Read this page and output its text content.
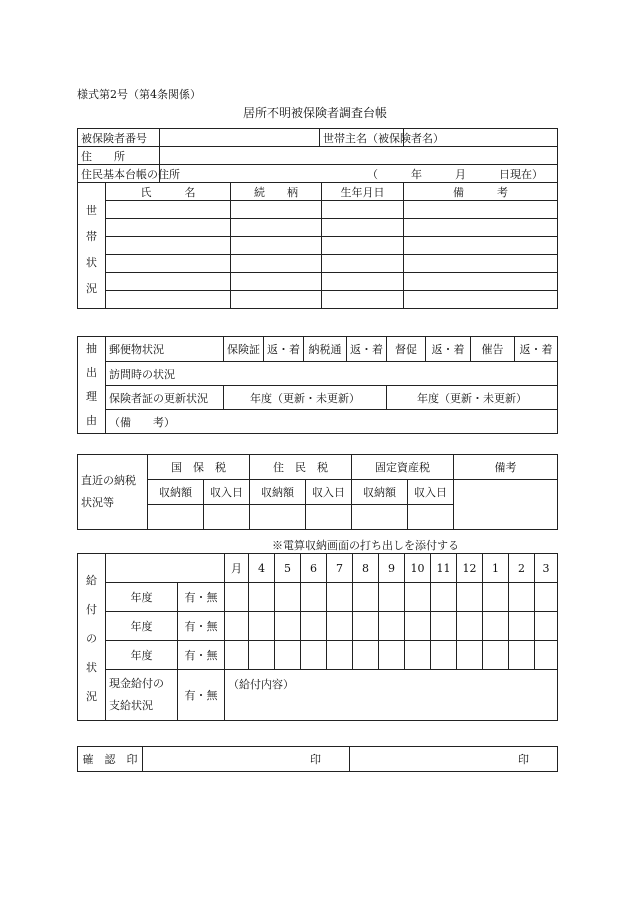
様式第2号（第4条関係）
居所不明被保険者調査台帳
被保険者番号		世帯主名（被保険者名）	
住　　所			
住民基本台帳の住所	（　　　年　　　月　　　日現在）		
世
帯
状
況	氏　　　名	続　　柄	生年月日	備　　　考

抽
出
理
由	郵便物状況	保険証	返・着	納税通	返・着	督促	返・着	催告	返・着
	訪問時の状況								
	保険者証の更新状況	年度（更新・未更新）				年度（更新・未更新）			
	（備　　考）								
直近の納税状況等	国　保　税		住　民　税		固定資産税		備考
	収納額	収入日	収納額	収入日	収納額	収入日	

※電算収納画面の打ち出しを添付する
給
付
の
状
況			月	4	5	6	7	8	9	10	11	12	1	2	3
	年度	有・無													
	年度	有・無													
	年度	有・無													
	現金給付の支給状況	有・無	（給付内容）												
確　認　印	印	印
